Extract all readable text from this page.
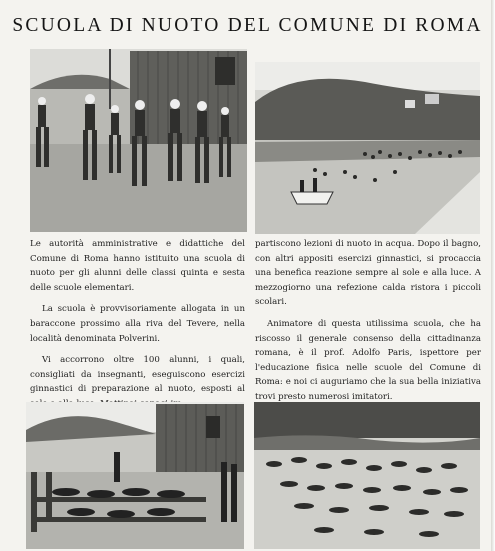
SCUOLA DI NUOTO DEL COMUNE DI ROMA

Le autorità amministrative e didattiche del Comune di Roma hanno istituito una scuola di nuoto per gli alunni delle classi quinta e sesta delle scuole elementari.

La scuola è provvisoriamente allogata in un baraccone prossimo alla riva del Tevere, nella località denominata Polverini.

Vi accorrono oltre 100 alunni, i quali, consigliati da insegnanti, eseguiscono esercizi ginnastici di preparazione al nuoto, esposti al

partiscono lezioni di nuoto in acqua. Dopo il bagno, con altri appositi esercizi ginnastici, si procaccia una benefica reazione sempre al sole e alla luce. A mezzogiorno una refezione calda ristora i piccoli scolari.

Animatore di questa utilissima scuola, che ha riscosso il generale consenso della cittadinanza romana, è il prof. Adolfo Paris, ispettore per l'educazione fisica nelle scuole del Comune di Roma: e noi ci auguriamo che la sua bella iniziativa trovi presto numerosi imitatori.
